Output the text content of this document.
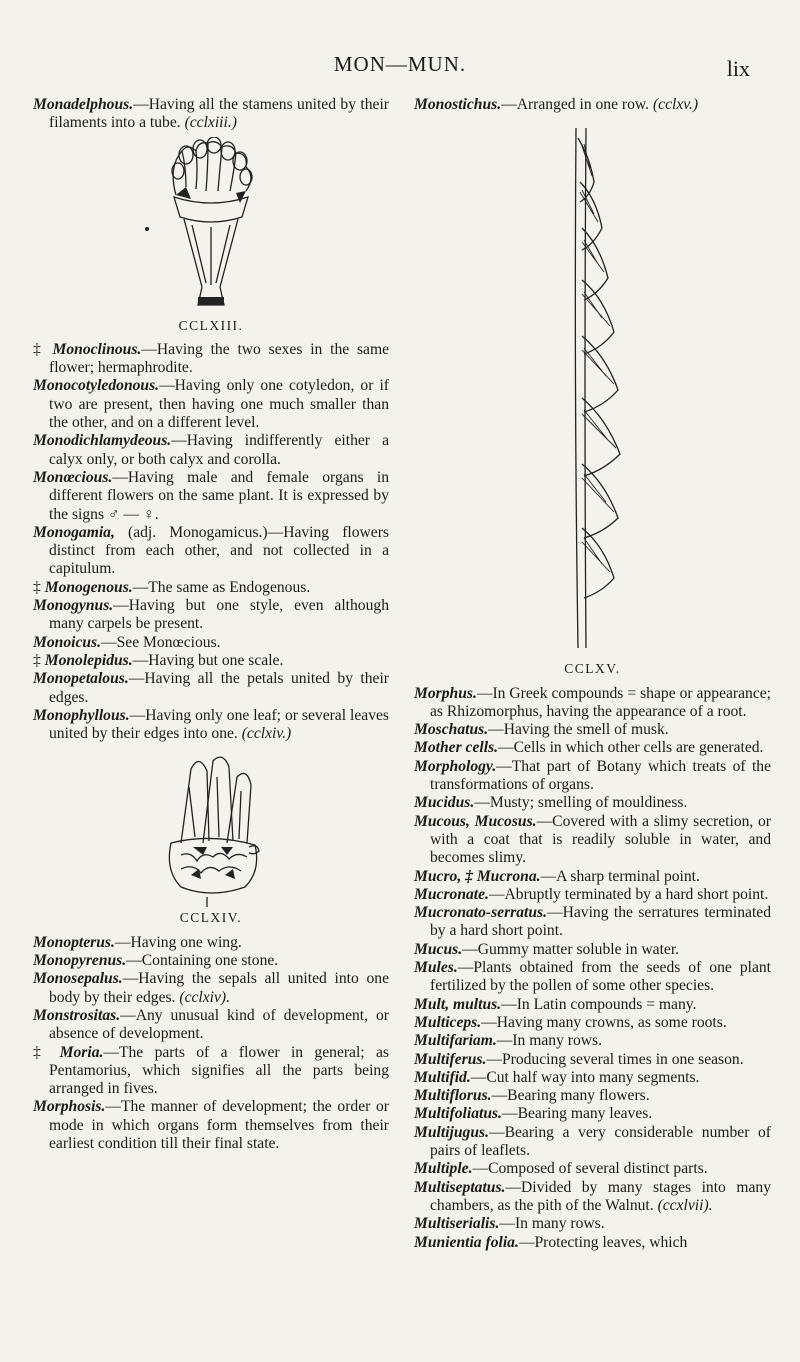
MON—MUN.	lix

Monadelphous.—Having all the stamens united by their filaments into a tube. (cclxiii.)

CCLXIII.

‡ Monoclinous.—Having the two sexes in the same flower; hermaphrodite.

Monocotyledonous.—Having only one cotyledon, or if two are present, then having one much smaller than the other, and on a different level.

Monodichlamydeous.—Having indifferently either a calyx only, or both calyx and corolla.

Monœcious.—Having male and female organs in different flowers on the same plant. It is expressed by the signs ♂ — ♀.

Monogamia, (adj. Monogamicus.)—Having flowers distinct from each other, and not collected in a capitulum.

‡ Monogenous.—The same as Endogenous.

Monogynus.—Having but one style, even although many carpels be present.

Monoicus.—See Monœcious.

‡ Monolepidus.—Having but one scale.

Monopetalous.—Having all the petals united by their edges.

Monophyllous.—Having only one leaf; or several leaves united by their edges into one. (cclxiv.)

CCLXIV.

Monopterus.—Having one wing.

Monopyrenus.—Containing one stone.

Monosepalus.—Having the sepals all united into one body by their edges. (cclxiv).

Monstrositas.—Any unusual kind of development, or absence of development.

‡ Moria.—The parts of a flower in general; as Pentamorius, which signifies all the parts being arranged in fives.

Morphosis.—The manner of development; the order or mode in which organs form themselves from their earliest condition till their final state.

Monostichus.—Arranged in one row. (cclxv.)

CCLXV.

Morphus.—In Greek compounds = shape or appearance; as Rhizomorphus, having the appearance of a root.

Moschatus.—Having the smell of musk.

Mother cells.—Cells in which other cells are generated.

Morphology.—That part of Botany which treats of the transformations of organs.

Mucidus.—Musty; smelling of mouldiness.

Mucous, Mucosus.—Covered with a slimy secretion, or with a coat that is readily soluble in water, and becomes slimy.

Mucro, ‡ Mucrona.—A sharp terminal point.

Mucronate.—Abruptly terminated by a hard short point.

Mucronato-serratus.—Having the serratures terminated by a hard short point.

Mucus.—Gummy matter soluble in water.

Mules.—Plants obtained from the seeds of one plant fertilized by the pollen of some other species.

Mult, multus.—In Latin compounds = many.

Multiceps.—Having many crowns, as some roots.

Multifariam.—In many rows.

Multiferus.—Producing several times in one season.

Multifid.—Cut half way into many segments.

Multiflorus.—Bearing many flowers.

Multifoliatus.—Bearing many leaves.

Multijugus.—Bearing a very considerable number of pairs of leaflets.

Multiple.—Composed of several distinct parts.

Multiseptatus.—Divided by many stages into many chambers, as the pith of the Walnut. (ccxlvii).

Multiserialis.—In many rows.

Munientia folia.—Protecting leaves, which
